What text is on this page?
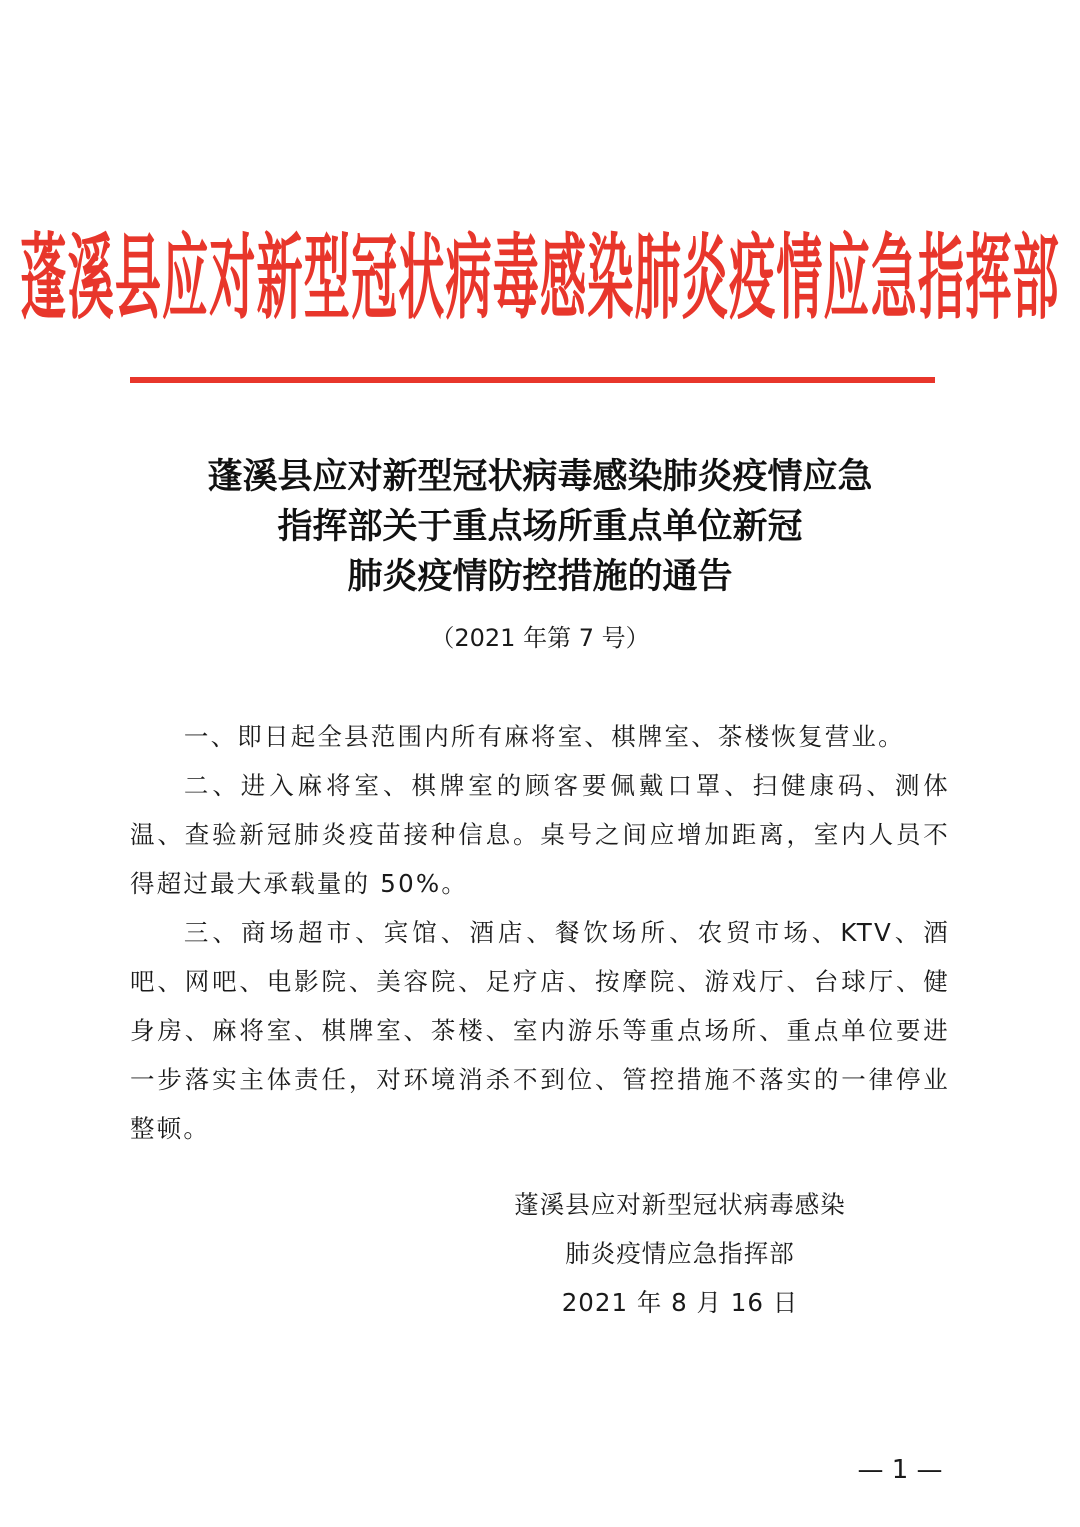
蓬溪县应对新型冠状病毒感染肺炎疫情应急指挥部
蓬溪县应对新型冠状病毒感染肺炎疫情应急
指挥部关于重点场所重点单位新冠
肺炎疫情防控措施的通告
（2021 年第 7 号）

一、即日起全县范围内所有麻将室、棋牌室、茶楼恢复营业。

二、进入麻将室、棋牌室的顾客要佩戴口罩、扫健康码、测体温、查验新冠肺炎疫苗接种信息。桌号之间应增加距离，室内人员不得超过最大承载量的 50%。

三、商场超市、宾馆、酒店、餐饮场所、农贸市场、KTV、酒吧、网吧、电影院、美容院、足疗店、按摩院、游戏厅、台球厅、健身房、麻将室、棋牌室、茶楼、室内游乐等重点场所、重点单位要进一步落实主体责任，对环境消杀不到位、管控措施不落实的一律停业整顿。

蓬溪县应对新型冠状病毒感染
肺炎疫情应急指挥部
2021 年 8 月 16 日
— 1 —
